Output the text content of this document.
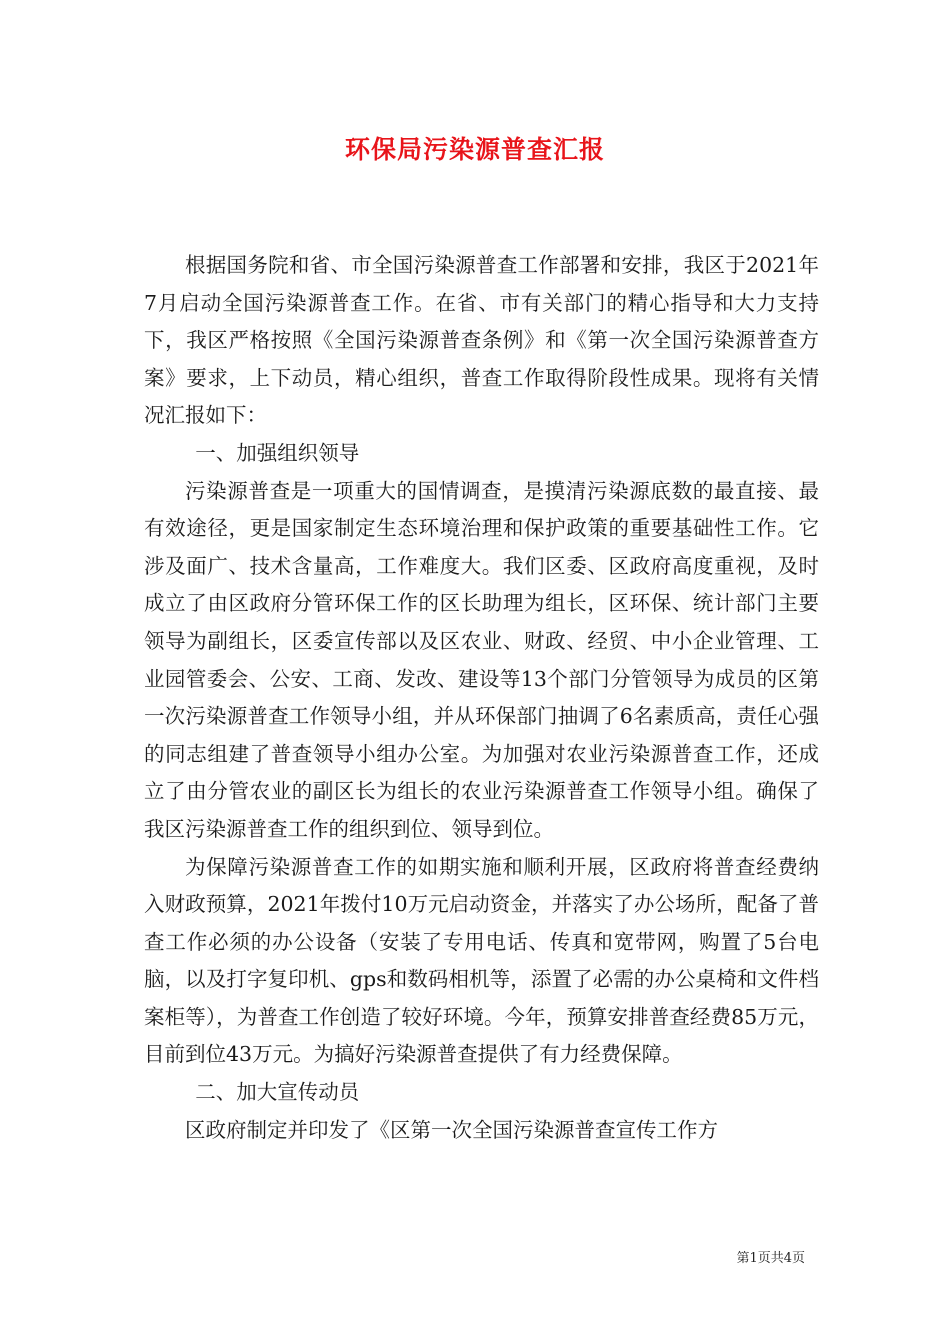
环保局污染源普查汇报

根据国务院和省、市全国污染源普查工作部署和安排，我区于2021年7月启动全国污染源普查工作。在省、市有关部门的精心指导和大力支持下，我区严格按照《全国污染源普查条例》和《第一次全国污染源普查方案》要求，上下动员，精心组织，普查工作取得阶段性成果。现将有关情况汇报如下：

一、加强组织领导

污染源普查是一项重大的国情调查，是摸清污染源底数的最直接、最有效途径，更是国家制定生态环境治理和保护政策的重要基础性工作。它涉及面广、技术含量高，工作难度大。我们区委、区政府高度重视，及时成立了由区政府分管环保工作的区长助理为组长，区环保、统计部门主要领导为副组长，区委宣传部以及区农业、财政、经贸、中小企业管理、工业园管委会、公安、工商、发改、建设等13个部门分管领导为成员的区第一次污染源普查工作领导小组，并从环保部门抽调了6名素质高，责任心强的同志组建了普查领导小组办公室。为加强对农业污染源普查工作，还成立了由分管农业的副区长为组长的农业污染源普查工作领导小组。确保了我区污染源普查工作的组织到位、领导到位。

为保障污染源普查工作的如期实施和顺利开展，区政府将普查经费纳入财政预算，2021年拨付10万元启动资金，并落实了办公场所，配备了普查工作必须的办公设备（安装了专用电话、传真和宽带网，购置了5台电脑，以及打字复印机、gps和数码相机等，添置了必需的办公桌椅和文件档案柜等），为普查工作创造了较好环境。今年，预算安排普查经费85万元，目前到位43万元。为搞好污染源普查提供了有力经费保障。

二、加大宣传动员

区政府制定并印发了《区第一次全国污染源普查宣传工作方

第1页共4页
